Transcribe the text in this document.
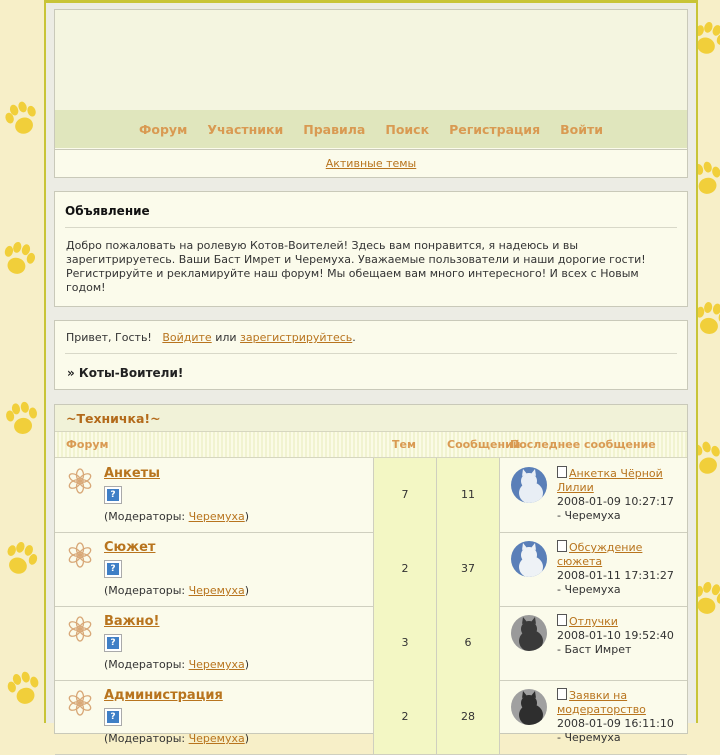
Форум Участники Правила Поиск Регистрация Войти
Активные темы
Объявление
Добро пожаловать на ролевую Котов-Воителей! Здесь вам понравится, я надеюсь и вы зарегитрируетесь. Ваши Баст Имрет и Черемуха. Уважаемые пользователи и наши дорогие гости! Регистрируйте и рекламируйте наш форум! Мы обещаем вам много интересного! И всех с Новым годом!
Привет, Гость! Войдите или зарегистрируйтесь.
» Коты-Воители!
~Техничка!~
Форум	Тем	Сообщений
Последнее сообщение
Анкеты
?
(Модераторы: Черемуха)
7	11
Анкетка Чёрной Лилии
2008-01-09 10:27:17
- Черемуха
Сюжет
?
(Модераторы: Черемуха)
2	37
Обсуждение сюжета
2008-01-11 17:31:27
- Черемуха
Важно!
?
(Модераторы: Черемуха)
3	6
Отлучки
2008-01-10 19:52:40
- Баст Имрет
Администрация
?
(Модераторы: Черемуха)
2	28
Заявки на модераторство
2008-01-09 16:11:10
- Черемуха
